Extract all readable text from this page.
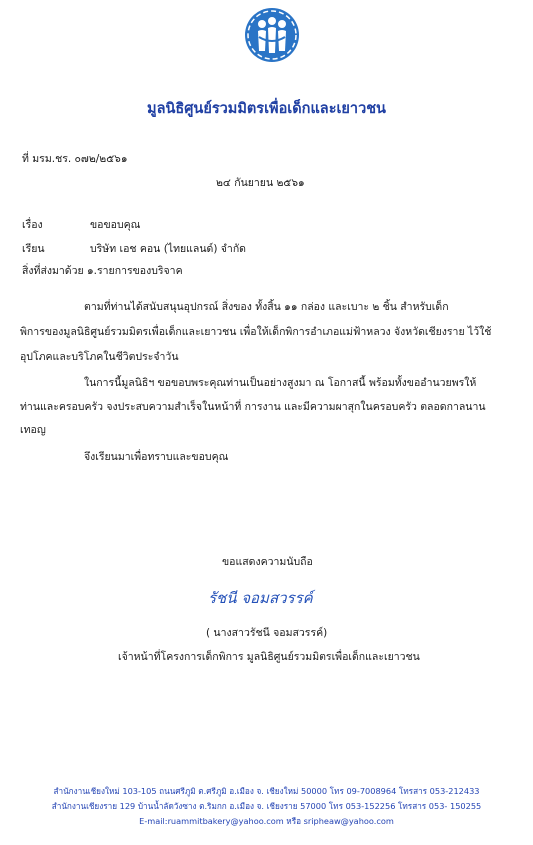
มูลนิธิศูนย์รวมมิตรเพื่อเด็กและเยาวชน
ที่ มรม.ชร. ๐๗๒/๒๕๖๑
๒๔ กันยายน ๒๕๖๑
เรื่อง	ขอขอบคุณ
เรียน	บริษัท เอช คอน (ไทยแลนด์) จำกัด
สิ่งที่ส่งมาด้วย ๑.รายการของบริจาค
ตามที่ท่านได้สนับสนุนอุปกรณ์ สิ่งของ ทั้งสิ้น ๑๑ กล่อง และเบาะ ๒ ชิ้น สำหรับเด็ก
พิการของมูลนิธิศูนย์รวมมิตรเพื่อเด็กและเยาวชน เพื่อให้เด็กพิการอำเภอแม่ฟ้าหลวง จังหวัดเชียงราย ไว้ใช้
อุปโภคและบริโภคในชีวิตประจำวัน
ในการนี้มูลนิธิฯ ขอขอบพระคุณท่านเป็นอย่างสูงมา ณ โอกาสนี้ พร้อมทั้งขออำนวยพรให้
ท่านและครอบครัว จงประสบความสำเร็จในหน้าที่ การงาน และมีความผาสุกในครอบครัว ตลอดกาลนาน
เทอญ
จึงเรียนมาเพื่อทราบและขอบคุณ
ขอแสดงความนับถือ
รัชนี จอมสวรรค์
( นางสาวรัชนี จอมสวรรค์)
เจ้าหน้าที่โครงการเด็กพิการ มูลนิธิศูนย์รวมมิตรเพื่อเด็กและเยาวชน
สำนักงานเชียงใหม่ 103-105 ถนนศรีภูมิ ต.ศรีภูมิ อ.เมือง จ. เชียงใหม่ 50000 โทร 09-7008964 โทรสาร 053-212433
สำนักงานเชียงราย 129 บ้านน้ำลัดวังซาง ต.ริมกก อ.เมือง จ. เชียงราย 57000 โทร 053-152256 โทรสาร 053- 150255
E-mail:ruammitbakery@yahoo.com หรือ sripheaw@yahoo.com
